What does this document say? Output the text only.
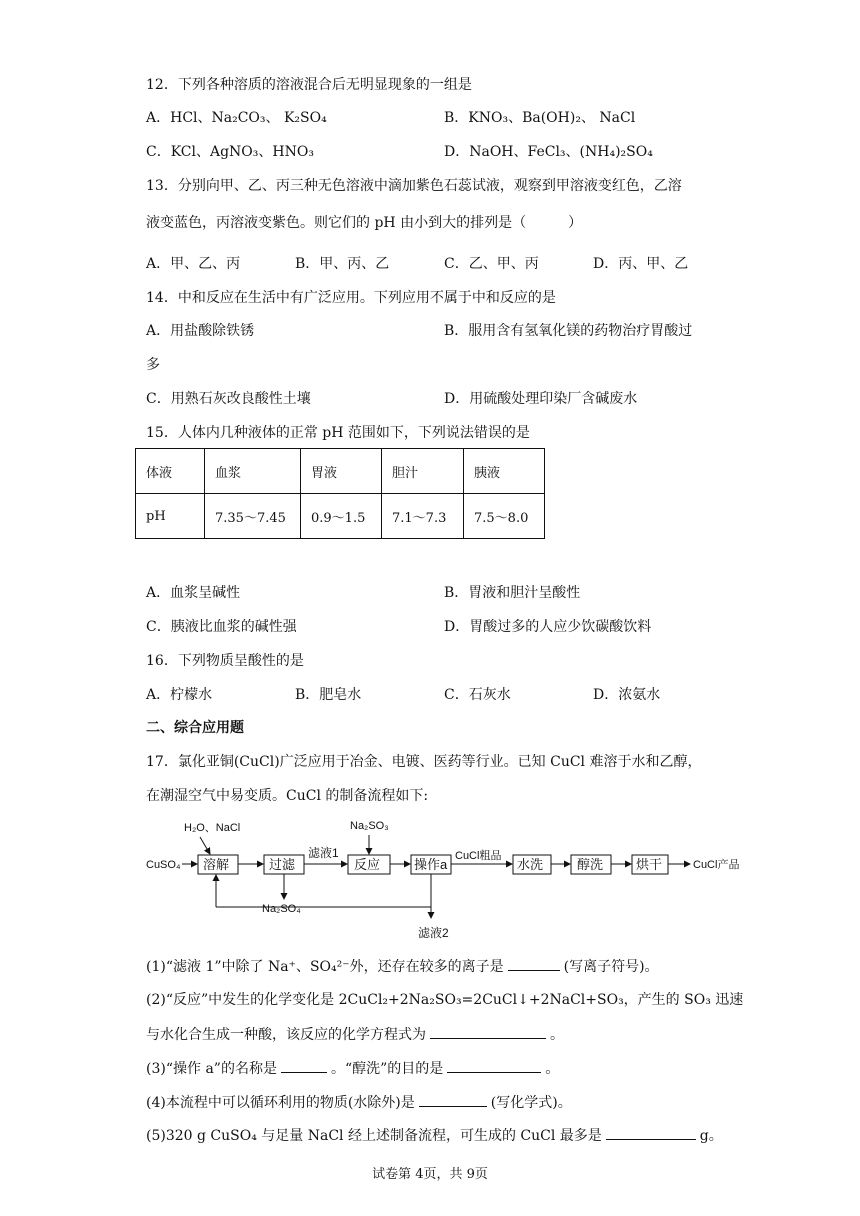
12．下列各种溶质的溶液混合后无明显现象的一组是
A．HCl、Na₂CO₃、 K₂SO₄	B．KNO₃、Ba(OH)₂、 NaCl
C．KCl、AgNO₃、HNO₃	D．NaOH、FeCl₃、(NH₄)₂SO₄
13．分别向甲、乙、丙三种无色溶液中滴加紫色石蕊试液，观察到甲溶液变红色，乙溶
液变蓝色，丙溶液变紫色。则它们的 pH 由小到大的排列是（　　　）
A．甲、乙、丙	B．甲、丙、乙	C．乙、甲、丙	D．丙、甲、乙
14．中和反应在生活中有广泛应用。下列应用不属于中和反应的是
A．用盐酸除铁锈	B．服用含有氢氧化镁的药物治疗胃酸过
多
C．用熟石灰改良酸性土壤	D．用硫酸处理印染厂含碱废水
15．人体内几种液体的正常 pH 范围如下，下列说法错误的是
体液	血浆	胃液	胆汁	胰液
pH	7.35～7.45	0.9～1.5	7.1～7.3	7.5～8.0
A．血浆呈碱性	B．胃液和胆汁呈酸性
C．胰液比血浆的碱性强	D．胃酸过多的人应少饮碳酸饮料
16．下列物质呈酸性的是
A．柠檬水	B．肥皂水	C．石灰水	D．浓氨水
二、综合应用题
17．氯化亚铜(CuCl)广泛应用于冶金、电镀、医药等行业。已知 CuCl 难溶于水和乙醇，
在潮湿空气中易变质。CuCl 的制备流程如下:
CuSO₄
H₂O、NaCl
溶解	过滤
滤液1
Na₂SO₄
Na₂SO₃
反应	操作a
CuCl粗品
水洗	醇洗	烘干	CuCl产品
滤液2
(1)“滤液 1”中除了 Na⁺、SO₄²⁻外，还存在较多的离子是	(写离子符号)。
(2)“反应”中发生的化学变化是 2CuCl₂+2Na₂SO₃=2CuCl↓+2NaCl+SO₃，产生的 SO₃ 迅速
与水化合生成一种酸，该反应的化学方程式为	。
(3)“操作 a”的名称是	。“醇洗”的目的是	。
(4)本流程中可以循环利用的物质(水除外)是	(写化学式)。
(5)320 g CuSO₄ 与足量 NaCl 经上述制备流程，可生成的 CuCl 最多是	g。
试卷第 4页，共 9页
